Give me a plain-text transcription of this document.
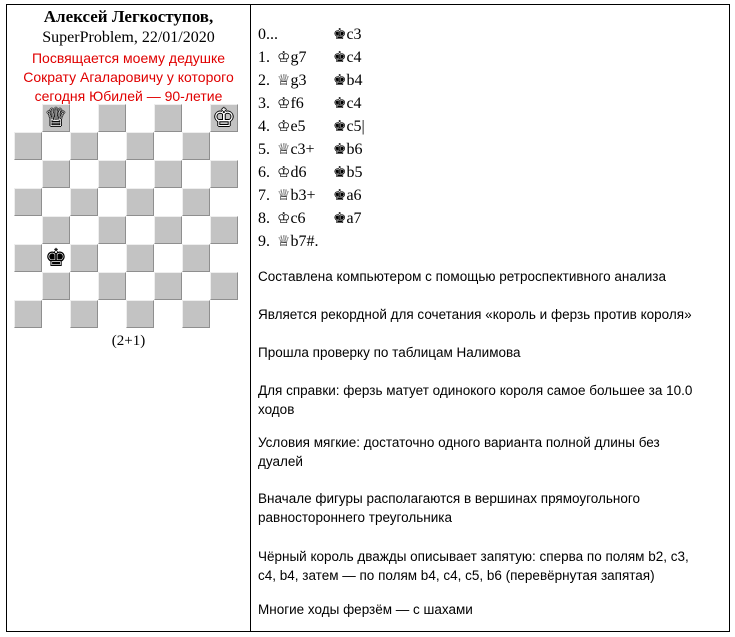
Алексей Легкоступов,
SuperProblem, 22/01/2020
Посвящается моему дедушке
Сократу Агаларовичу у которого
сегодня Юбилей — 90-летие
♕	♔
♚
(2+1)
0...	♚c3
1. ♔g7 ♚c4
2. ♕g3 ♚b4
3. ♔f6 ♚c4
4. ♔e5 ♚c5|
5. ♕c3+ ♚b6
6. ♔d6 ♚b5
7. ♕b3+ ♚a6
8. ♔c6 ♚a7
9. ♕b7#.
Составлена компьютером с помощью ретроспективного анализа
Является рекордной для сочетания «король и ферзь против короля»
Прошла проверку по таблицам Налимова
Для справки: ферзь матует одинокого короля самое большее за 10.0
ходов
Условия мягкие: достаточно одного варианта полной длины без
дуалей
Вначале фигуры располагаются в вершинах прямоугольного
равностороннего треугольника
Чёрный король дважды описывает запятую: сперва по полям b2, c3,
c4, b4, затем — по полям b4, c4, c5, b6 (перевёрнутая запятая)
Многие ходы ферзём — с шахами
